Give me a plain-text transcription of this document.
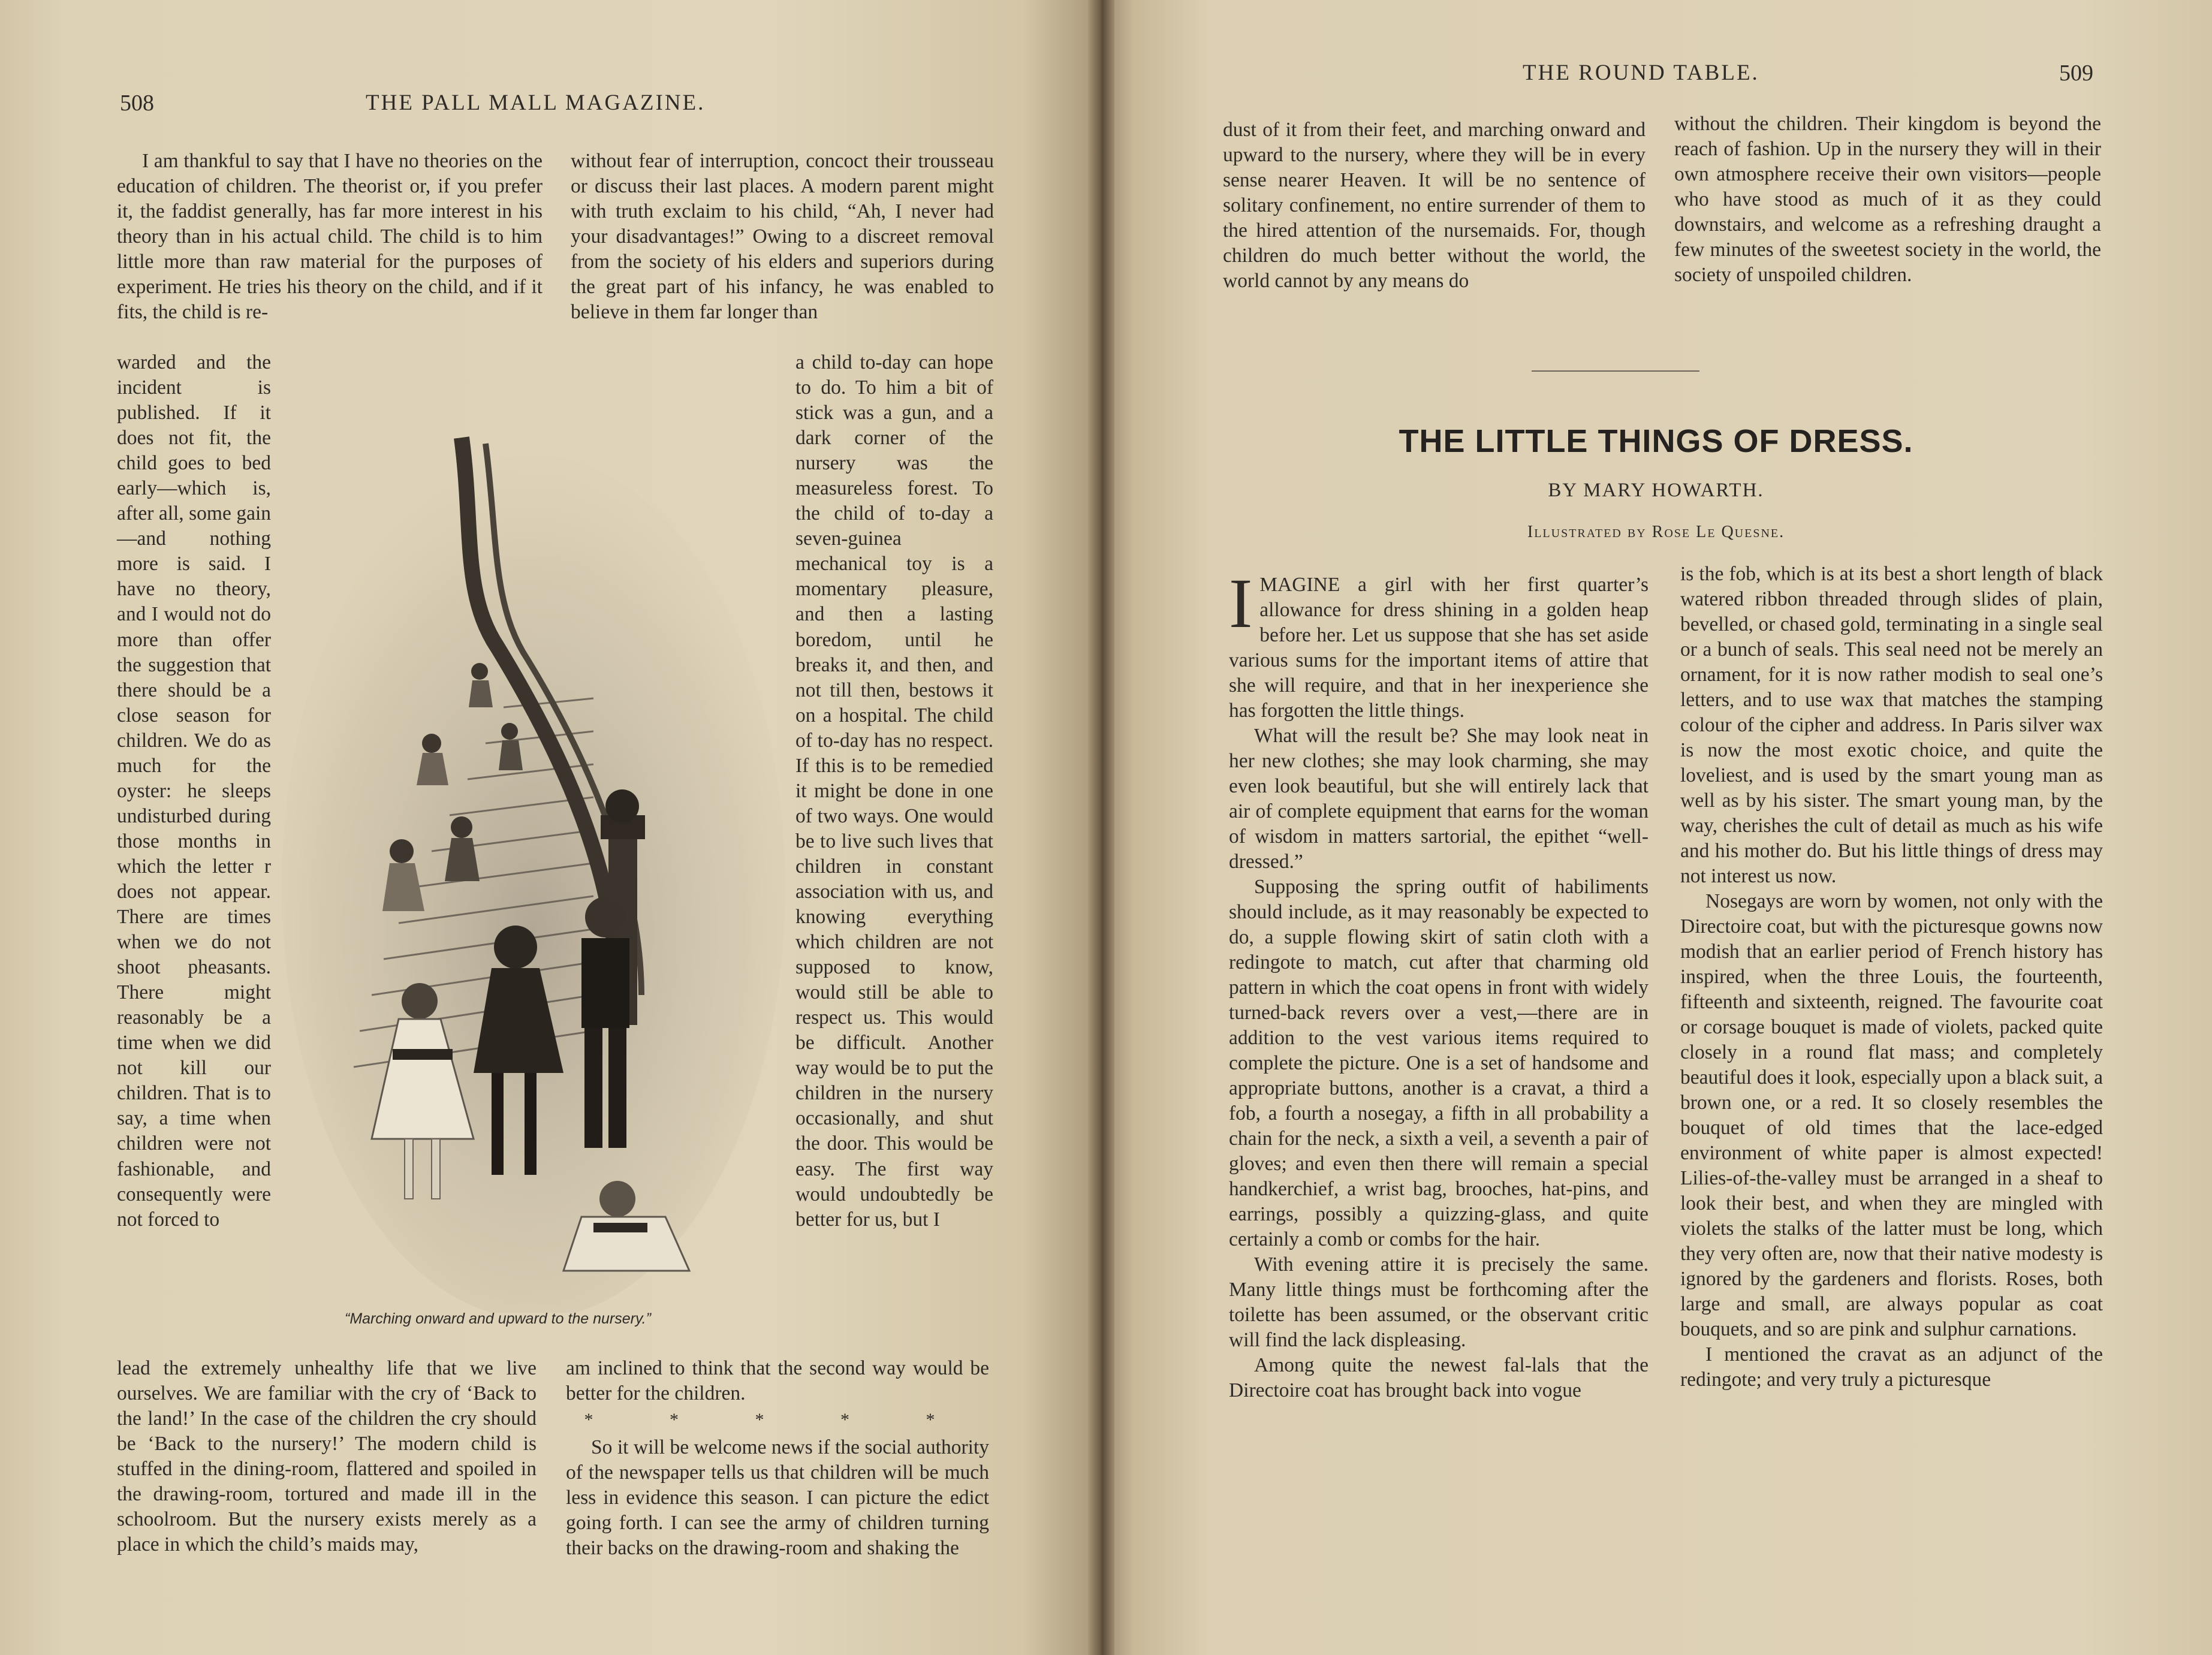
508	THE PALL MALL MAGAZINE.

I am thankful to say that I have no theories on the education of children. The theorist or, if you prefer it, the faddist generally, has far more interest in his theory than in his actual child. The child is to him little more than raw material for the purposes of experiment. He tries his theory on the child, and if it fits, the child is re-

warded and the incident is published. If it does not fit, the child goes to bed early—which is, after all, some gain—and nothing more is said. I have no theory, and I would not do more than offer the suggestion that there should be a close season for children. We do as much for the oyster: he sleeps undisturbed during those months in which the letter r does not appear. There are times when we do not shoot pheasants. There might reasonably be a time when we did not kill our children. That is to say, a time when children were not fashionable, and consequently were not forced to

lead the extremely unhealthy life that we live ourselves. We are familiar with the cry of ‘Back to the land!’ In the case of the children the cry should be ‘Back to the nursery!’ The modern child is stuffed in the dining-room, flattered and spoiled in the drawing-room, tortured and made ill in the schoolroom. But the nursery exists merely as a place in which the child’s maids may,

without fear of interruption, concoct their trousseau or discuss their last places. A modern parent might with truth exclaim to his child, “Ah, I never had your disadvantages!” Owing to a discreet removal from the society of his elders and superiors during the great part of his infancy, he was enabled to believe in them far longer than

a child to-day can hope to do. To him a bit of stick was a gun, and a dark corner of the nursery was the measureless forest. To the child of to-day a seven-guinea mechanical toy is a momentary pleasure, and then a lasting boredom, until he breaks it, and then, and not till then, bestows it on a hospital. The child of to-day has no respect. If this is to be remedied it might be done in one of two ways. One would be to live such lives that children in constant association with us, and knowing everything which children are not supposed to know, would still be able to respect us. This would be difficult. Another way would be to put the children in the nursery occasionally, and shut the door. This would be easy. The first way would undoubtedly be better for us, but I

am inclined to think that the second way would be better for the children.

* * * * *

So it will be welcome news if the social authority of the newspaper tells us that children will be much less in evidence this season. I can picture the edict going forth. I can see the army of children turning their backs on the drawing-room and shaking the

“Marching onward and upward to the nursery.”
THE ROUND TABLE.	509

dust of it from their feet, and marching onward and upward to the nursery, where they will be in every sense nearer Heaven. It will be no sentence of solitary confinement, no entire surrender of them to the hired attention of the nursemaids. For, though children do much better without the world, the world cannot by any means do

without the children. Their kingdom is beyond the reach of fashion. Up in the nursery they will in their own atmosphere receive their own visitors—people who have stood as much of it as they could downstairs, and welcome as a refreshing draught a few minutes of the sweetest society in the world, the society of unspoiled children.

THE LITTLE THINGS OF DRESS.
BY MARY HOWARTH.
Illustrated by Rose Le Quesne.

IMAGINE a girl with her first quarter’s allowance for dress shining in a golden heap before her. Let us suppose that she has set aside various sums for the important items of attire that she will require, and that in her inexperience she has forgotten the little things.

What will the result be? She may look neat in her new clothes; she may look charming, she may even look beautiful, but she will entirely lack that air of complete equipment that earns for the woman of wisdom in matters sartorial, the epithet “well-dressed.”

Supposing the spring outfit of habiliments should include, as it may reasonably be expected to do, a supple flowing skirt of satin cloth with a redingote to match, cut after that charming old pattern in which the coat opens in front with widely turned-back revers over a vest,—there are in addition to the vest various items required to complete the picture. One is a set of handsome and appropriate buttons, another is a cravat, a third a fob, a fourth a nosegay, a fifth in all probability a chain for the neck, a sixth a veil, a seventh a pair of gloves; and even then there will remain a special handkerchief, a wrist bag, brooches, hat-pins, and earrings, possibly a quizzing-glass, and quite certainly a comb or combs for the hair.

With evening attire it is precisely the same. Many little things must be forthcoming after the toilette has been assumed, or the observant critic will find the lack displeasing.

Among quite the newest fal-lals that the Directoire coat has brought back into vogue

is the fob, which is at its best a short length of black watered ribbon threaded through slides of plain, bevelled, or chased gold, terminating in a single seal or a bunch of seals. This seal need not be merely an ornament, for it is now rather modish to seal one’s letters, and to use wax that matches the stamping colour of the cipher and address. In Paris silver wax is now the most exotic choice, and quite the loveliest, and is used by the smart young man as well as by his sister. The smart young man, by the way, cherishes the cult of detail as much as his wife and his mother do. But his little things of dress may not interest us now.

Nosegays are worn by women, not only with the Directoire coat, but with the picturesque gowns now modish that an earlier period of French history has inspired, when the three Louis, the fourteenth, fifteenth and sixteenth, reigned. The favourite coat or corsage bouquet is made of violets, packed quite closely in a round flat mass; and completely beautiful does it look, especially upon a black suit, a brown one, or a red. It so closely resembles the bouquet of old times that the lace-edged environment of white paper is almost expected! Lilies-of-the-valley must be arranged in a sheaf to look their best, and when they are mingled with violets the stalks of the latter must be long, which they very often are, now that their native modesty is ignored by the gardeners and florists. Roses, both large and small, are always popular as coat bouquets, and so are pink and sulphur carnations.

I mentioned the cravat as an adjunct of the redingote; and very truly a picturesque
